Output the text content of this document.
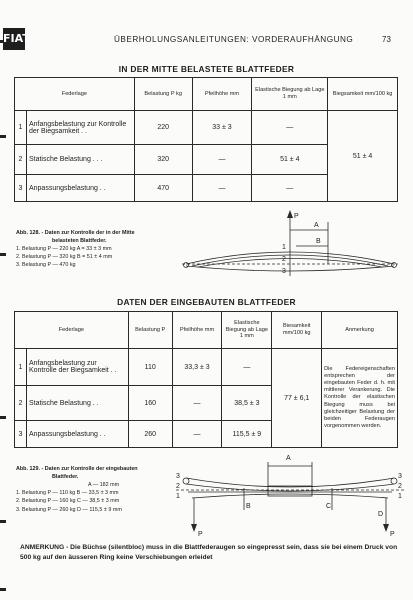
FIAT	ÜBERHOLUNGSANLEITUNGEN: VORDERAUFHÄNGUNG	73
IN DER MITTE BELASTETE BLATTFEDER
Federlage		Belastung P kg	Pfeilhöhe mm	Elastische Biegung ab Lage 1 mm	Biegsamkeit mm/100 kg
1	Anfangsbelastung zur Kontrolle der Biegsamkeit . .	220	33 ± 3	—	51 ± 4
2	Statische Belastung . . .	320	—	51 ± 4	
3	Anpassungsbelastung . .	470	—	—	
Abb. 128. - Daten zur Kontrolle der in der Mitte
belasteten Blattfeder.
1. Belastung P — 220 kg A = 33 ± 3 mm
2. Belastung P — 320 kg B = 51 ± 4 mm
3. Belastung P — 470 kg
P
A
B
1
2
3
DATEN DER EINGEBAUTEN BLATTFEDER
Federlage		Belastung P	Pfeilhöhe mm	Elastische Biegung ab Lage 1 mm	Biesamkeit mm/100 kg	Anmerkung
1	Anfangsbelastung zur Kontrolle der Biegsamkeit . .	110	33,3 ± 3	—	77 ± 6,1	Die Federeigenschaften entsprechen der eingebauten Feder d. h. mit mittlerer Verankerung. Die Kontrolle der elastischen Biegung muss bei gleichzeitiger Belastung der beiden Federaugen vorgenommen werden.
2	Statische Belastung . .	160	—	38,5 ± 3		
3	Anpassungsbelastung . .	260	—	115,5 ± 9		
Abb. 129. - Daten zur Kontrolle der eingebauten
Blattfeder.
A — 182 mm
1. Belastung P — 110 kg B — 33,5 ± 3 mm
2. Belastung P — 160 kg C — 38,5 ± 3 mm
3. Belastung P — 260 kg D — 115,5 ± 9 mm
A
3
2
1
3
2
1
B	C
D
P	P
ANMERKUNG - Die Büchse (silentbloc) muss in die Blattfederaugen so eingepresst sein, dass sie bei einem Druck von 500 kg auf den äusseren Ring keine Verschiebungen erleidet
